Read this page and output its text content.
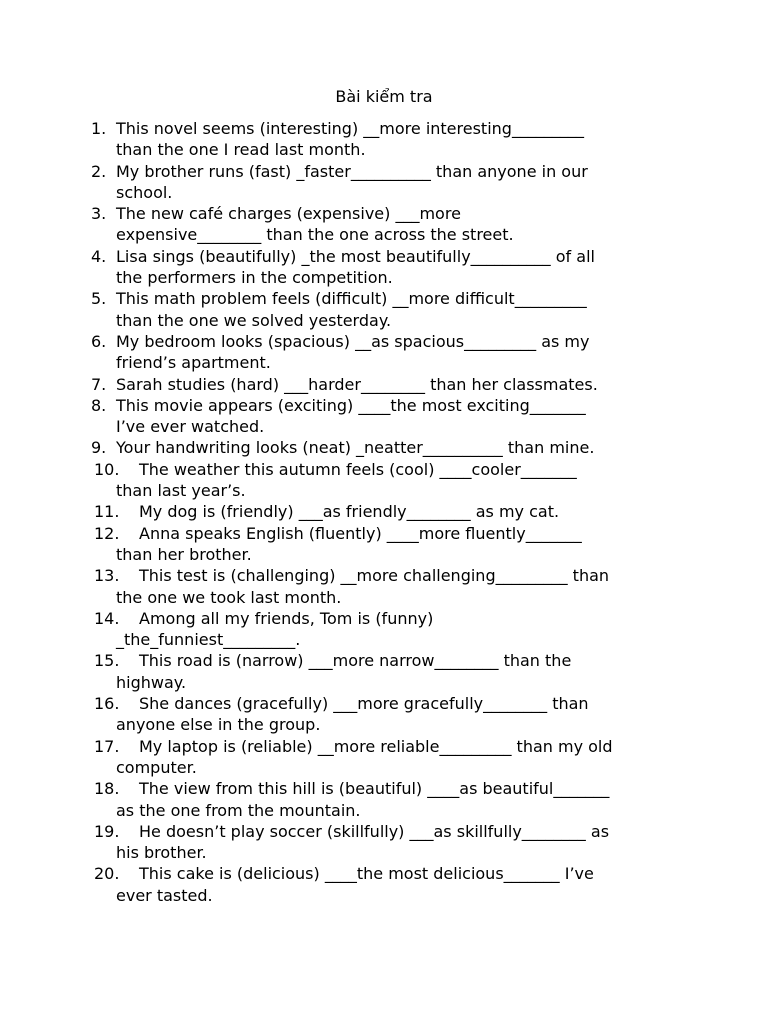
Bài kiểm tra
1. This novel seems (interesting) __more interesting_________
than the one I read last month.
2. My brother runs (fast) _faster__________ than anyone in our
school.
3. The new café charges (expensive) ___more
expensive________ than the one across the street.
4. Lisa sings (beautifully) _the most beautifully__________ of all
the performers in the competition.
5. This math problem feels (difficult) __more difficult_________
than the one we solved yesterday.
6. My bedroom looks (spacious) __as spacious_________ as my
friend’s apartment.
7. Sarah studies (hard) ___harder________ than her classmates.
8. This movie appears (exciting) ____the most exciting_______
I’ve ever watched.
9. Your handwriting looks (neat) _neatter__________ than mine.
10.	The weather this autumn feels (cool) ____cooler_______
than last year’s.
11.	My dog is (friendly) ___as friendly________ as my cat.
12.	Anna speaks English (fluently) ____more fluently_______
than her brother.
13.	This test is (challenging) __more challenging_________ than
the one we took last month.
14.	Among all my friends, Tom is (funny)
_the_funniest_________.
15.	This road is (narrow) ___more narrow________ than the
highway.
16.	She dances (gracefully) ___more gracefully________ than
anyone else in the group.
17.	My laptop is (reliable) __more reliable_________ than my old
computer.
18.	The view from this hill is (beautiful) ____as beautiful_______
as the one from the mountain.
19.	He doesn’t play soccer (skillfully) ___as skillfully________ as
his brother.
20.	This cake is (delicious) ____the most delicious_______ I’ve
ever tasted.
